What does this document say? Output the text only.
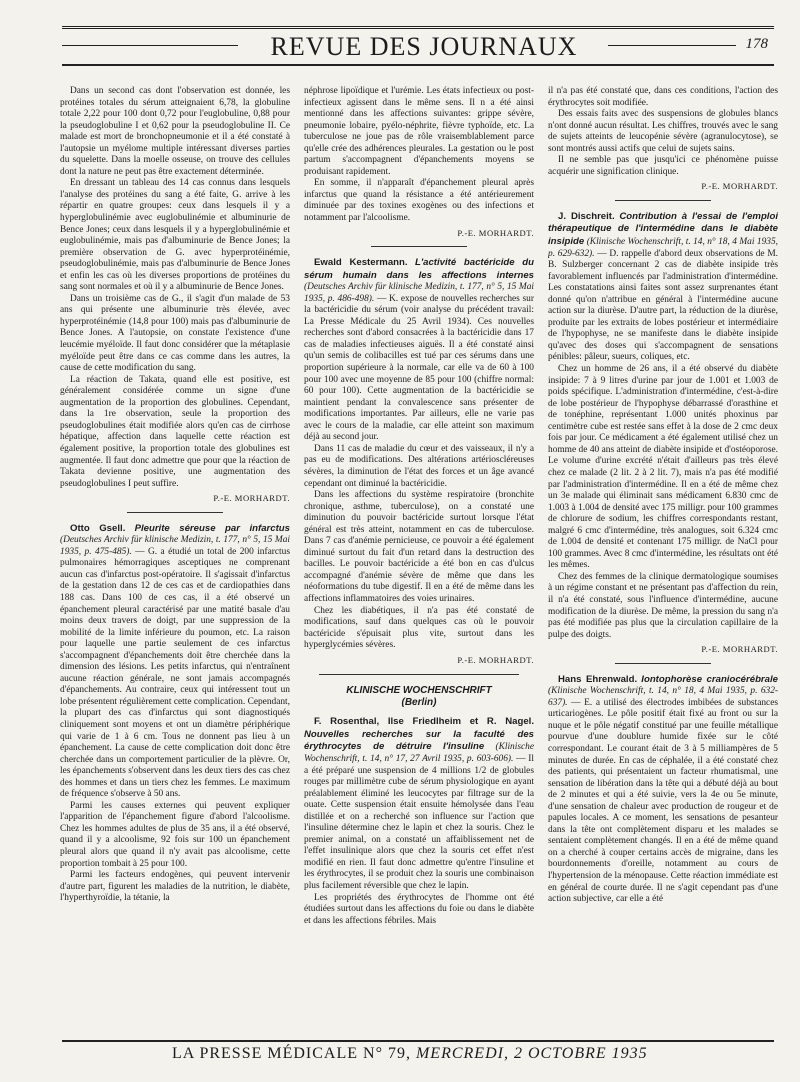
REVUE DES JOURNAUX	178

Dans un second cas dont l'observation est donnée, les protéines totales du sérum atteignaient 6,78, la globuline totale 2,22 pour 100 dont 0,72 pour l'euglobuline, 0,88 pour la pseudoglobuline I et 0,62 pour la pseudoglobuline II. Ce malade est mort de bronchopneumonie et il a été constaté à l'autopsie un myélome multiple intéressant diverses parties du squelette. Dans la moelle osseuse, on trouve des cellules dont la nature ne peut pas être exactement déterminée.

En dressant un tableau des 14 cas connus dans lesquels l'analyse des protéines du sang a été faite, G. arrive à les répartir en quatre groupes: ceux dans lesquels il y a hyperglobulinémie avec euglobulinémie et albuminurie de Bence Jones; ceux dans lesquels il y a hyperglobulinémie et euglobulinémie, mais pas d'albuminurie de Bence Jones; la première observation de G. avec hyperprotéinémie, pseudoglobulinémie, mais pas d'albuminurie de Bence Jones et enfin les cas où les diverses proportions de protéines du sang sont normales et où il y a albuminurie de Bence Jones.

Dans un troisième cas de G., il s'agit d'un malade de 53 ans qui présente une albuminurie très élevée, avec hyperprotéinémie (14,8 pour 100) mais pas d'albuminurie de Bence Jones. A l'autopsie, on constate l'existence d'une leucémie myéloïde. Il faut donc considérer que la métaplasie myéloïde peut être dans ce cas comme dans les autres, la cause de cette modification du sang.

La réaction de Takata, quand elle est positive, est généralement considérée comme un signe d'une augmentation de la proportion des globulines. Cependant, dans la 1re observation, seule la proportion des pseudoglobulines était modifiée alors qu'en cas de cirrhose hépatique, affection dans laquelle cette réaction est également positive, la proportion totale des globulines est augmentée. Il faut donc admettre que pour que la réaction de Takata devienne positive, une augmentation des pseudoglobulines I peut suffire.

P.-E. MORHARDT.

Otto Gsell. Pleurite séreuse par infarctus (Deutsches Archiv für klinische Medizin, t. 177, n° 5, 15 Mai 1935, p. 475-485). — G. a étudié un total de 200 infarctus pulmonaires hémorragiques asceptiques ne comprenant aucun cas d'infarctus post-opératoire. Il s'agissait d'infarctus de la gestation dans 12 de ces cas et de cardiopathies dans 188 cas. Dans 100 de ces cas, il a été observé un épanchement pleural caractérisé par une matité basale d'au moins deux travers de doigt, par une suppression de la mobilité de la limite inférieure du poumon, etc. La raison pour laquelle une partie seulement de ces infarctus s'accompagnent d'épanchements doit être cherchée dans la dimension des lésions. Les petits infarctus, qui n'entraînent aucune réaction générale, ne sont jamais accompagnés d'épanchements. Au contraire, ceux qui intéressent tout un lobe présentent régulièrement cette complication. Cependant, la plupart des cas d'infarctus qui sont diagnostiqués cliniquement sont moyens et ont un diamètre périphérique qui varie de 1 à 6 cm. Tous ne donnent pas lieu à un épanchement. La cause de cette complication doit donc être cherchée dans un comportement particulier de la plèvre. Or, les épanchements s'observent dans les deux tiers des cas chez des hommes et dans un tiers chez les femmes. Le maximum de fréquence s'observe à 50 ans.

Parmi les causes externes qui peuvent expliquer l'apparition de l'épanchement figure d'abord l'alcoolisme. Chez les hommes adultes de plus de 35 ans, il a été observé, quand il y a alcoolisme, 92 fois sur 100 un épanchement pleural alors que quand il n'y avait pas alcoolisme, cette proportion tombait à 25 pour 100.

Parmi les facteurs endogènes, qui peuvent intervenir d'autre part, figurent les maladies de la nutrition, le diabète, l'hyperthyroïdie, la tétanie, la

néphrose lipoïdique et l'urémie. Les états infectieux ou post-infectieux agissent dans le même sens. Il n a été ainsi mentionné dans les affections suivantes: grippe sévère, pneumonie lobaire, pyélo-néphrite, fièvre typhoïde, etc. La tuberculose ne joue pas de rôle vraisemblablement parce qu'elle crée des adhérences pleurales. La gestation ou le post partum s'accompagnent d'épanchements moyens se produisant rapidement.

En somme, il n'apparaît d'épanchement pleural après infarctus que quand la résistance a été antérieurement diminuée par des toxines exogènes ou des infections et notamment par l'alcoolisme.

P.-E. MORHARDT.

Ewald Kestermann. L'activité bactéricide du sérum humain dans les affections internes (Deutsches Archiv für klinische Medizin, t. 177, n° 5, 15 Mai 1935, p. 486-498). — K. expose de nouvelles recherches sur la bactéricidie du sérum (voir analyse du précédent travail: La Presse Médicale du 25 Avril 1934). Ces nouvelles recherches sont d'abord consacrées à la bactéricidie dans 17 cas de maladies infectieuses aiguës. Il a été constaté ainsi qu'un semis de colibacilles est tué par ces sérums dans une proportion supérieure à la normale, car elle va de 60 à 100 pour 100 avec une moyenne de 85 pour 100 (chiffre normal: 60 pour 100). Cette augmentation de la bactéricidie se maintient pendant la convalescence sans présenter de modifications importantes. Par ailleurs, elle ne varie pas avec le cours de la maladie, car elle atteint son maximum déjà au second jour.

Dans 11 cas de maladie du cœur et des vaisseaux, il n'y a pas eu de modifications. Des altérations artérioscléreuses sévères, la diminution de l'état des forces et un âge avancé cependant ont diminué la bactéricidie.

Dans les affections du système respiratoire (bronchite chronique, asthme, tuberculose), on a constaté une diminution du pouvoir bactéricide surtout lorsque l'état général est très atteint, notamment en cas de tuberculose. Dans 7 cas d'anémie pernicieuse, ce pouvoir a été également diminué surtout du fait d'un retard dans la destruction des bacilles. Le pouvoir bactéricide a été bon en cas d'ulcus accompagné d'anémie sévère de même que dans les néoformations du tube digestif. Il en a été de même dans les affections inflammatoires des voies urinaires.

Chez les diabétiques, il n'a pas été constaté de modifications, sauf dans quelques cas où le pouvoir bactéricide s'épuisait plus vite, surtout dans les hyperglycémies sévères.

P.-E. MORHARDT.
KLINISCHE WOCHENSCHRIFT
(Berlin)

F. Rosenthal, Ilse Friedlheim et R. Nagel. Nouvelles recherches sur la faculté des érythrocytes de détruire l'insuline (Klinische Wochenschrift, t. 14, n° 17, 27 Avril 1935, p. 603-606). — Il a été préparé une suspension de 4 millions 1/2 de globules rouges par millimètre cube de sérum physiologique en ayant préalablement éliminé les leucocytes par filtrage sur de la ouate. Cette suspension était ensuite hémolysée dans l'eau distillée et on a recherché son influence sur l'action que l'insuline détermine chez le lapin et chez la souris. Chez le premier animal, on a constaté un affaiblissement net de l'effet insulinique alors que chez la souris cet effet n'est modifié en rien. Il faut donc admettre qu'entre l'insuline et les érythrocytes, il se produit chez la souris une combinaison plus facilement réversible que chez le lapin.

Les propriétés des érythrocytes de l'homme ont été étudiées surtout dans les affections du foie ou dans le diabète et dans les affections fébriles. Mais

il n'a pas été constaté que, dans ces conditions, l'action des érythrocytes soit modifiée.

Des essais faits avec des suspensions de globules blancs n'ont donné aucun résultat. Les chiffres, trouvés avec le sang de sujets atteints de leucopénie sévère (agranulocytose), se sont montrés aussi actifs que celui de sujets sains.

Il ne semble pas que jusqu'ici ce phénomène puisse acquérir une signification clinique.

P.-E. MORHARDT.

J. Dischreit. Contribution à l'essai de l'emploi thérapeutique de l'intermédine dans le diabète insipide (Klinische Wochenschrift, t. 14, n° 18, 4 Mai 1935, p. 629-632). — D. rappelle d'abord deux observations de M. B. Sulzberger concernant 2 cas de diabète insipide très favorablement influencés par l'administration d'intermédine. Les constatations ainsi faites sont assez surprenantes étant donné qu'on n'attribue en général à l'intermédine aucune action sur la diurèse. D'autre part, la réduction de la diurèse, produite par les extraits de lobes postérieur et intermédiaire de l'hypophyse, ne se manifeste dans le diabète insipide qu'avec des doses qui s'accompagnent de sensations pénibles: pâleur, sueurs, coliques, etc.

Chez un homme de 26 ans, il a été observé du diabète insipide: 7 à 9 litres d'urine par jour de 1.001 et 1.003 de poids spécifique. L'administration d'intermédine, c'est-à-dire de lobe postérieur de l'hypophyse débarrassé d'orasthine et de tonéphine, représentant 1.000 unités phoxinus par centimètre cube est restée sans effet à la dose de 2 cmc deux fois par jour. Ce médicament a été également utilisé chez un homme de 40 ans atteint de diabète insipide et d'ostéoporose. Le volume d'urine excrété n'était d'ailleurs pas très élevé chez ce malade (2 lit. 2 à 2 lit. 7), mais n'a pas été modifié par l'administration d'intermédine. Il en a été de même chez un 3e malade qui éliminait sans médicament 6.830 cmc de 1.003 à 1.004 de densité avec 175 milligr. pour 100 grammes de chlorure de sodium, les chiffres correspondants restant, malgré 6 cmc d'intermédine, très analogues, soit 6.324 cmc de 1.004 de densité et contenant 175 milligr. de NaCl pour 100 grammes. Avec 8 cmc d'intermédine, les résultats ont été les mêmes.

Chez des femmes de la clinique dermatologique soumises à un régime constant et ne présentant pas d'affection du rein, il n'a été constaté, sous l'influence d'intermédine, aucune modification de la diurèse. De même, la pression du sang n'a pas été modifiée pas plus que la circulation capillaire de la pulpe des doigts.

P.-E. MORHARDT.

Hans Ehrenwald. Iontophorèse craniocérébrale (Klinische Wochenschrift, t. 14, n° 18, 4 Mai 1935, p. 632-637). — E. a utilisé des électrodes imbibées de substances urticariogènes. Le pôle positif était fixé au front ou sur la nuque et le pôle négatif constitué par une feuille métallique pourvue d'une doublure humide fixée sur le côté correspondant. Le courant était de 3 à 5 milliampères de 5 minutes de durée. En cas de céphalée, il a été constaté chez des patients, qui présentaient un facteur rhumatismal, une sensation de libération dans la tête qui a débuté déjà au bout de 2 minutes et qui a été suivie, vers la 4e ou 5e minute, d'une sensation de chaleur avec production de rougeur et de papules locales. A ce moment, les sensations de pesanteur dans la tête ont complètement disparu et les malades se sentaient complètement changés. Il en a été de même quand on a cherché à couper certains accès de migraine, dans les bourdonnements d'oreille, notamment au cours de l'hypertension de la ménopause. Cette réaction immédiate est en général de courte durée. Il ne s'agit cependant pas d'une action subjective, car elle a été

LA PRESSE MÉDICALE N° 79, MERCREDI, 2 OCTOBRE 1935
